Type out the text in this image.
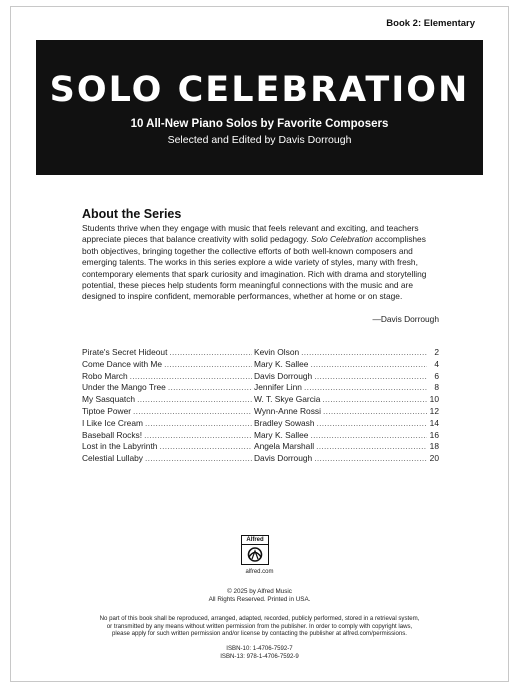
Book 2: Elementary
SOLO CELEBRATION
10 All-New Piano Solos by Favorite Composers
Selected and Edited by Davis Dorrough
About the Series
Students thrive when they engage with music that feels relevant and exciting, and teachers appreciate pieces that balance creativity with solid pedagogy. Solo Celebration accomplishes both objectives, bringing together the collective efforts of both well-known composers and emerging talents. The works in this series explore a wide variety of styles, many with fresh, contemporary elements that spark curiosity and imagination. Rich with drama and storytelling potential, these pieces help students form meaningful connections with the music and are designed to inspire confident, memorable performances, whether at home or on stage.
—Davis Dorrough
Pirate's Secret Hideout .....	Kevin Olson .....	2
Come Dance with Me .....	Mary K. Sallee .....	4
Robo March .....	Davis Dorrough .....	6
Under the Mango Tree .....	Jennifer Linn .....	8
My Sasquatch .....	W. T. Skye Garcia .....	10
Tiptoe Power .....	Wynn-Anne Rossi .....	12
I Like Ice Cream .....	Bradley Sowash .....	14
Baseball Rocks! .....	Mary K. Sallee .....	16
Lost in the Labyrinth .....	Angela Marshall .....	18
Celestial Lullaby .....	Davis Dorrough .....	20
Alfred
alfred.com
© 2025 by Alfred Music
All Rights Reserved. Printed in USA.
No part of this book shall be reproduced, arranged, adapted, recorded, publicly performed, stored in a retrieval system,
or transmitted by any means without written permission from the publisher. In order to comply with copyright laws,
please apply for such written permission and/or license by contacting the publisher at alfred.com/permissions.
ISBN-10: 1-4706-7592-7
ISBN-13: 978-1-4706-7592-9
